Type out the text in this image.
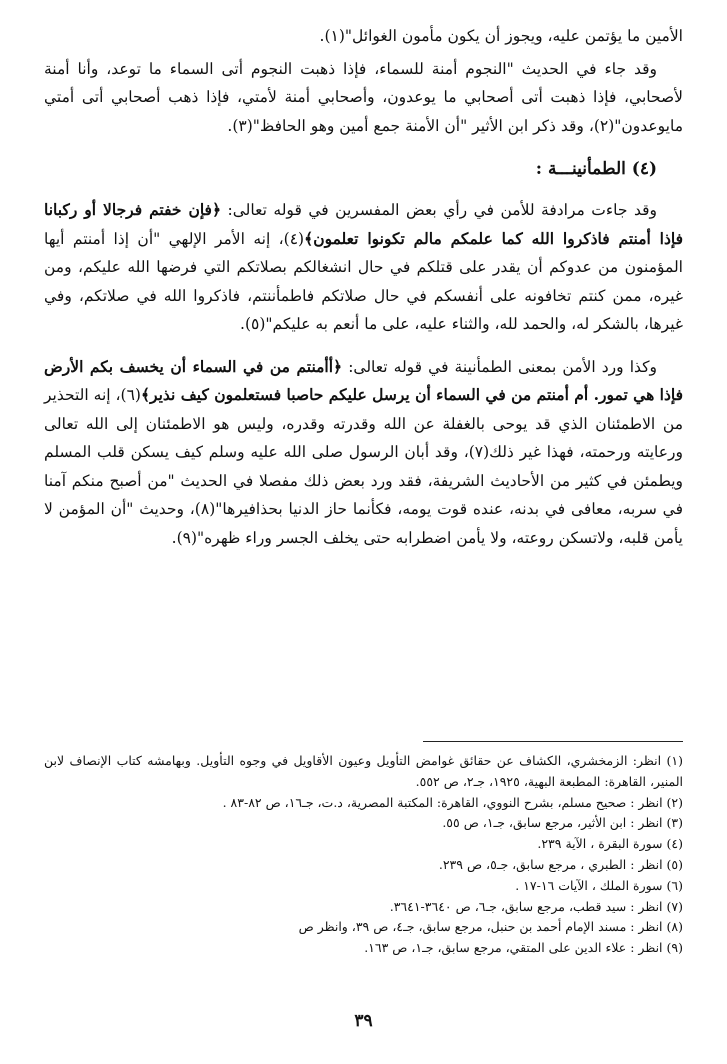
الأمين ما يؤتمن عليه، ويجوز أن يكون مأمون الغوائل"(١).

وقد جاء في الحديث "النجوم أمنة للسماء، فإذا ذهبت النجوم أتى السماء ما توعد، وأنا أمنة لأصحابي، فإذا ذهبت أتى أصحابي ما يوعدون، وأصحابي أمنة لأمتي، فإذا ذهب أصحابي أتى أمتي مايوعدون"(٢)، وقد ذكر ابن الأثير "أن الأمنة جمع أمين وهو الحافظ"(٣).

(٤) الطمأنينـــة :

وقد جاءت مرادفة للأمن في رأي بعض المفسرين في قوله تعالى: ﴿فإن خفتم فرجالا أو ركبانا فإذا أمنتم فاذكروا الله كما علمكم مالم تكونوا تعلمون﴾(٤)، إنه الأمر الإلهي "أن إذا أمنتم أيها المؤمنون من عدوكم أن يقدر على قتلكم في حال انشغالكم بصلاتكم التي فرضها الله عليكم، ومن غيره، ممن كنتم تخافونه على أنفسكم في حال صلاتكم فاطمأننتم، فاذكروا الله في صلاتكم، وفي غيرها، بالشكر له، والحمد لله، والثناء عليه، على ما أنعم به عليكم"(٥).

وكذا ورد الأمن بمعنى الطمأنينة في قوله تعالى: ﴿أأمنتم من في السماء أن يخسف بكم الأرض فإذا هي تمور. أم أمنتم من في السماء أن يرسل عليكم حاصبا فستعلمون كيف نذير﴾(٦)، إنه التحذير من الاطمئنان الذي قد يوحى بالغفلة عن الله وقدرته وقدره، وليس هو الاطمئنان إلى الله تعالى ورعايته ورحمته، فهذا غير ذلك(٧)، وقد أبان الرسول صلى الله عليه وسلم كيف يسكن قلب المسلم ويطمئن في كثير من الأحاديث الشريفة، فقد ورد بعض ذلك مفصلا في الحديث "من أصبح منكم آمنا في سربه، معافى في بدنه، عنده قوت يومه، فكأنما حاز الدنيا بحذافيرها"(٨)، وحديث "أن المؤمن لا يأمن قلبه، ولاتسكن روعته، ولا يأمن اضطرابه حتى يخلف الجسر وراء ظهره"(٩).

(١) انظر: الزمخشري، الكشاف عن حقائق غوامض التأويل وعيون الأقاويل في وجوه التأويل. وبهامشه كتاب الإنصاف لابن المنير، القاهرة: المطبعة البهية، ١٩٢٥، جـ٢، ص ٥٥٢.
(٢) انظر : صحيح مسلم، بشرح النووي، القاهرة: المكتبة المصرية، د.ت، جـ١٦، ص ٨٢-٨٣ .
(٣) انظر : ابن الأثير، مرجع سابق، جـ١، ص ٥٥.
(٤) سورة البقرة ، الآية ٢٣٩.
(٥) انظر : الطبري ، مرجع سابق، جـ٥، ص ٢٣٩.
(٦) سورة الملك ، الآيات ١٦-١٧ .
(٧) انظر : سيد قطب، مرجع سابق، جـ٦، ص ٣٦٤٠-٣٦٤١.
(٨) انظر : مسند الإمام أحمد بن حنبل، مرجع سابق، جـ٤، ص ٣٩، وانظر ص
(٩) انظر : علاء الدين على المتقي، مرجع سابق، جـ١، ص ١٦٣.
٣٩
